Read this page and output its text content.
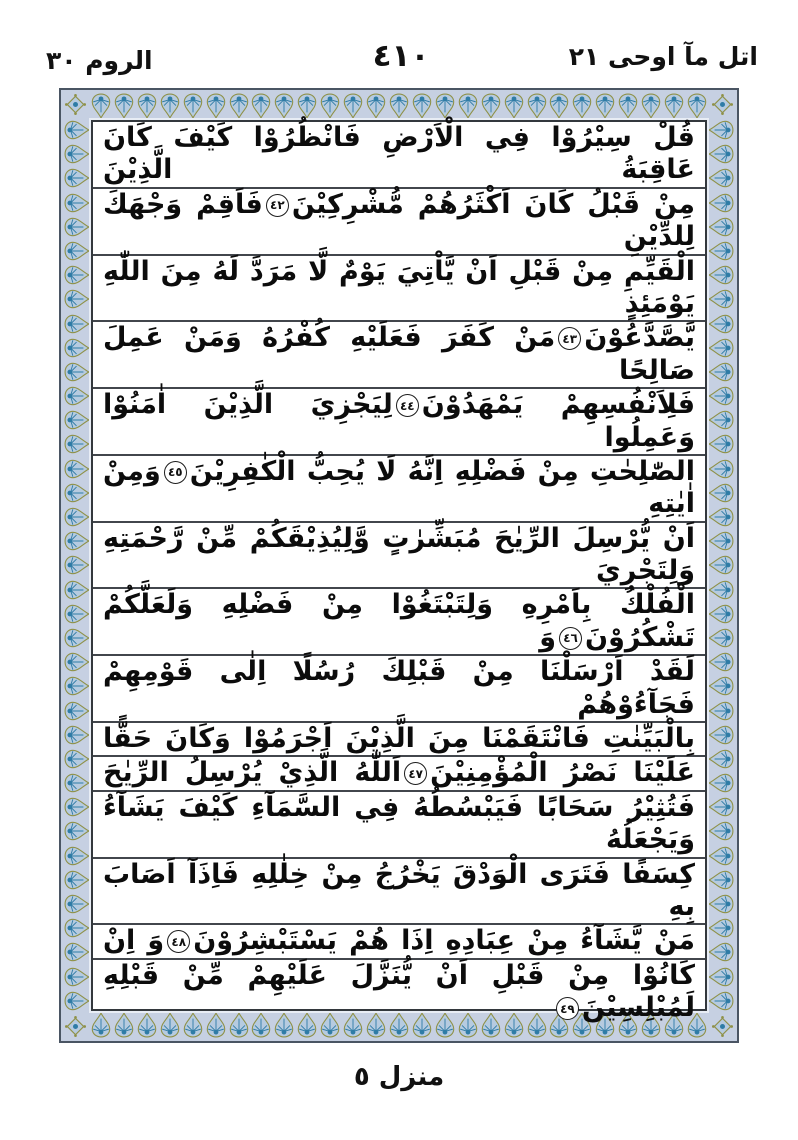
الروم ٣٠	٤١٠	اتل مآ اوحى ٢١
قُلْ سِيْرُوْا فِي الْاَرْضِ فَانْظُرُوْا كَيْفَ كَانَ عَاقِبَةُ الَّذِيْنَ
مِنْ قَبْلُ كَانَ اَكْثَرُهُمْ مُّشْرِكِيْنَ٤٢فَاَقِمْ وَجْهَكَ لِلدِّيْنِ
الْقَيِّمِ مِنْ قَبْلِ اَنْ يَّاْتِيَ يَوْمٌ لَّا مَرَدَّ لَهُ مِنَ اللّٰهِ يَوْمَئِذٍ
يَّصَّدَّعُوْنَ٤٣مَنْ كَفَرَ فَعَلَيْهِ كُفْرُهُ وَمَنْ عَمِلَ صَالِحًا
فَلِاَنْفُسِهِمْ يَمْهَدُوْنَ٤٤لِيَجْزِيَ الَّذِيْنَ اٰمَنُوْا وَعَمِلُوا
الصّٰلِحٰتِ مِنْ فَضْلِهِ اِنَّهُ لَا يُحِبُّ الْكٰفِرِيْنَ٤٥وَمِنْ اٰيٰتِهِ
اَنْ يُّرْسِلَ الرِّيٰحَ مُبَشِّرٰتٍ وَّلِيُذِيْقَكُمْ مِّنْ رَّحْمَتِهِ وَلِتَجْرِيَ
الْفُلْكُ بِاَمْرِهِ وَلِتَبْتَغُوْا مِنْ فَضْلِهِ وَلَعَلَّكُمْ تَشْكُرُوْنَ٤٦وَ
لَقَدْ اَرْسَلْنَا مِنْ قَبْلِكَ رُسُلًا اِلٰى قَوْمِهِمْ فَجَآءُوْهُمْ
بِالْبَيِّنٰتِ فَانْتَقَمْنَا مِنَ الَّذِيْنَ اَجْرَمُوْا وَكَانَ حَقًّا
عَلَيْنَا نَصْرُ الْمُؤْمِنِيْنَ٤٧اَللّٰهُ الَّذِيْ يُرْسِلُ الرِّيٰحَ
فَتُثِيْرُ سَحَابًا فَيَبْسُطُهُ فِي السَّمَآءِ كَيْفَ يَشَآءُ وَيَجْعَلُهُ
كِسَفًا فَتَرَى الْوَدْقَ يَخْرُجُ مِنْ خِلٰلِهِ فَاِذَآ اَصَابَ بِهِ
مَنْ يَّشَآءُ مِنْ عِبَادِهِ اِذَا هُمْ يَسْتَبْشِرُوْنَ٤٨وَ اِنْ
كَانُوْا مِنْ قَبْلِ اَنْ يُّنَزَّلَ عَلَيْهِمْ مِّنْ قَبْلِهِ لَمُبْلِسِيْنَ٤٩
منزل ٥
